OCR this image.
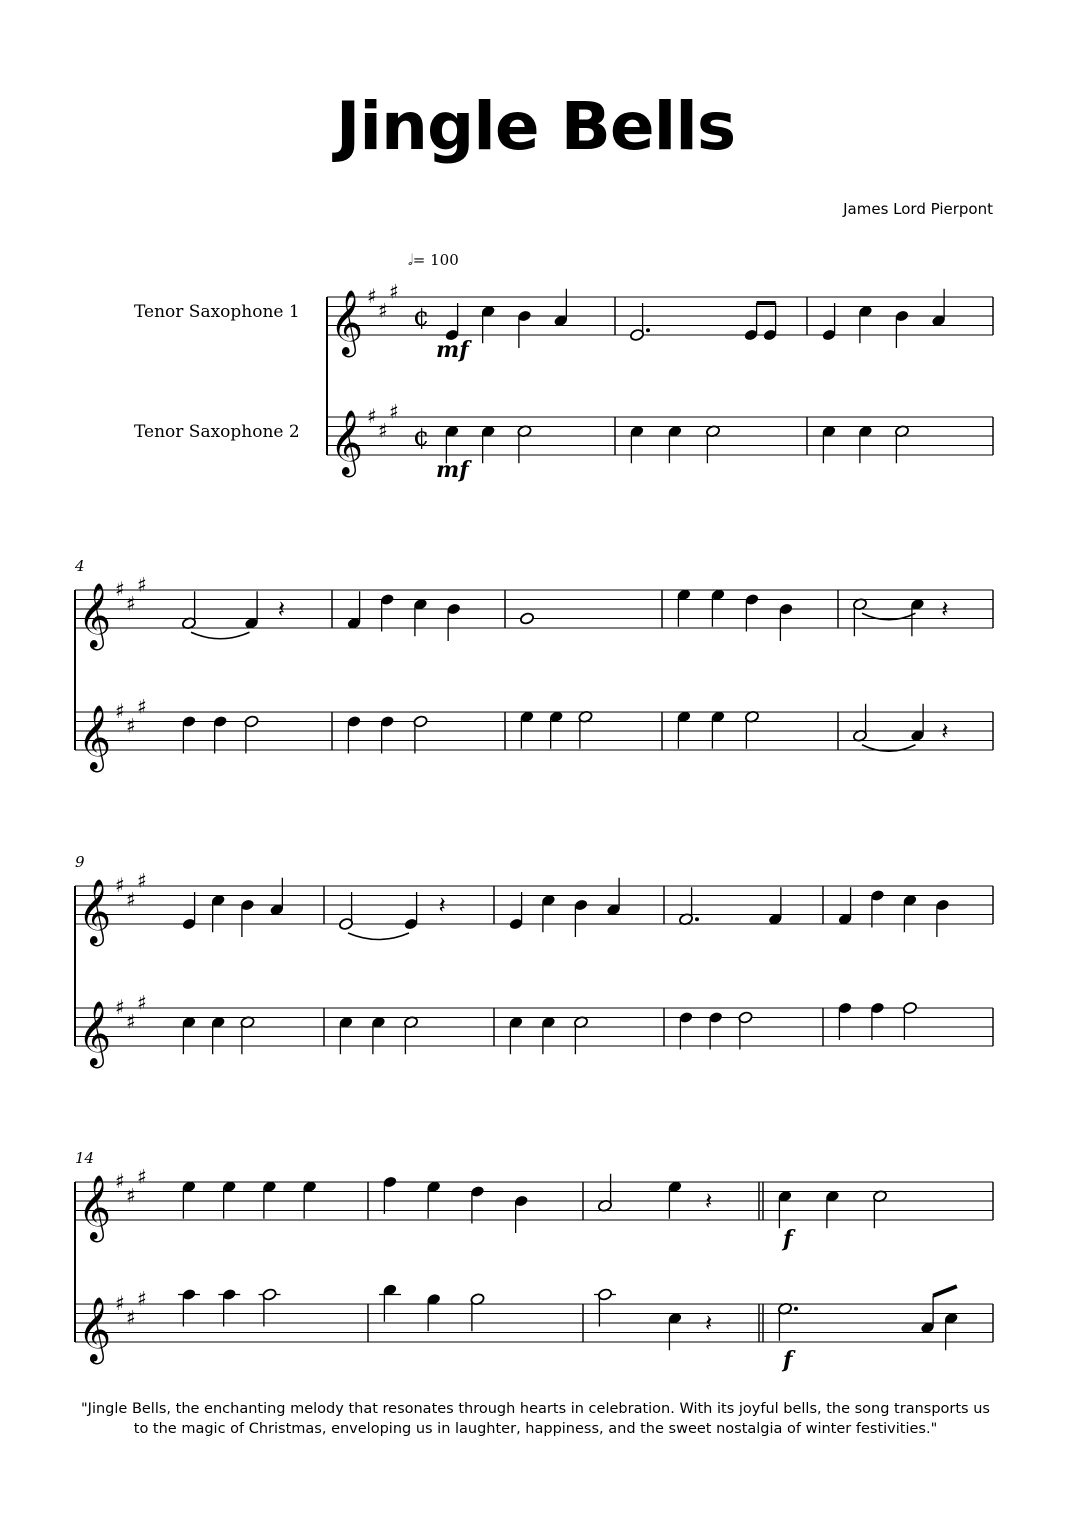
Jingle Bells
James Lord Pierpont
𝅗𝅥= 100
Tenor Saxophone 1
Tenor Saxophone 2
4
9
14
𝄞 ♯
♯
♯
¢
mf
𝄞 ♯
♯
♯
¢
mf
𝄞 ♯
♯
♯
𝄽	𝄽
𝄞 ♯
♯
♯
𝄽
𝄞 ♯
♯
♯
𝄽
𝄞 ♯
♯
♯
𝄞 ♯
♯
♯
𝄽
f
𝄞 ♯
♯
♯
𝄽
f
"Jingle Bells, the enchanting melody that resonates through hearts in celebration. With its joyful bells, the song transports us to the magic of Christmas, enveloping us in laughter, happiness, and the sweet nostalgia of winter festivities."
